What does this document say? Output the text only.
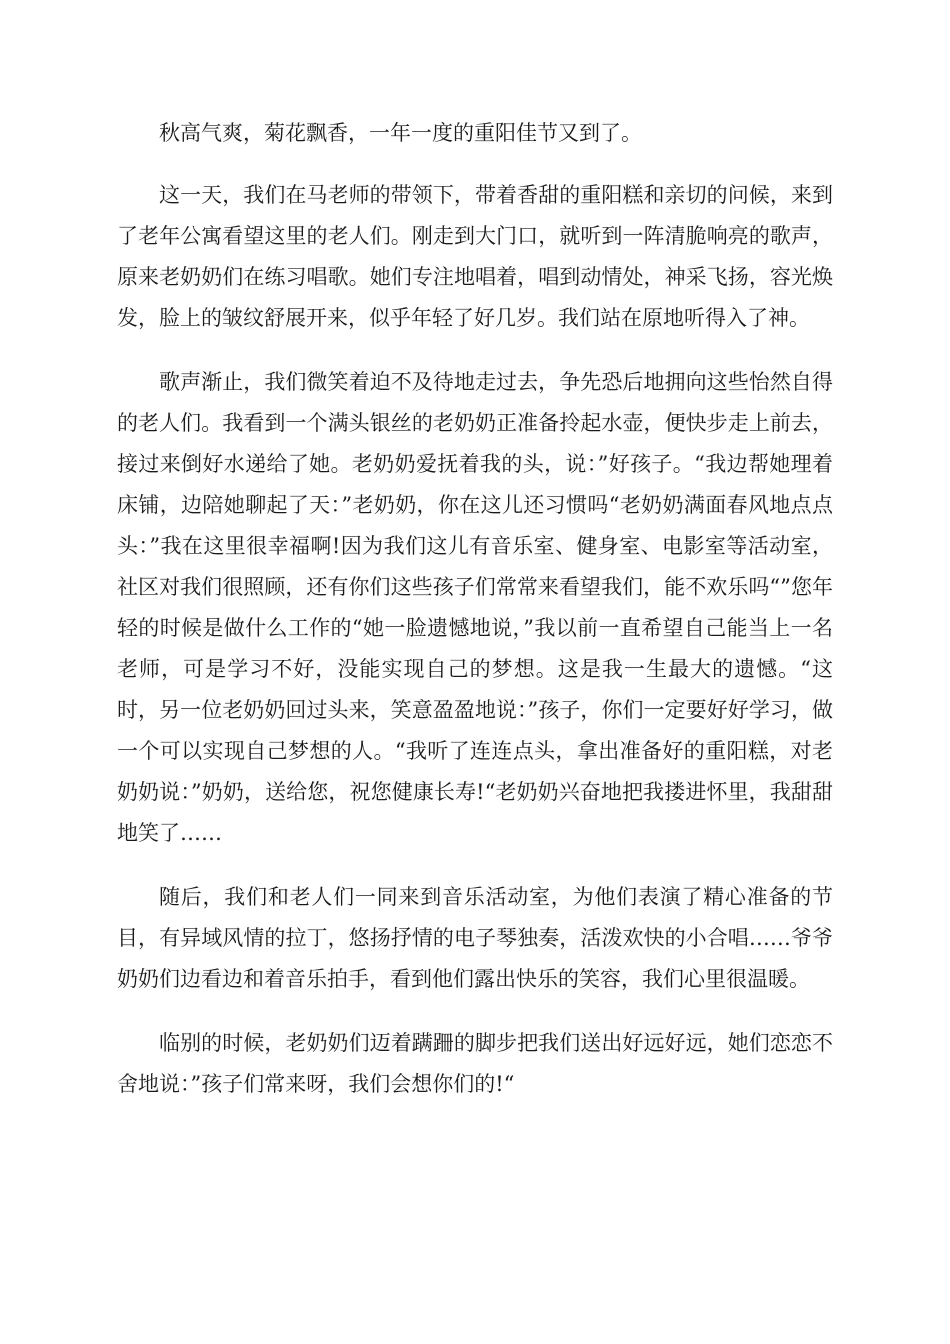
秋高气爽，菊花飘香，一年一度的重阳佳节又到了。

这一天，我们在马老师的带领下，带着香甜的重阳糕和亲切的问候，来到了老年公寓看望这里的老人们。刚走到大门口，就听到一阵清脆响亮的歌声，原来老奶奶们在练习唱歌。她们专注地唱着，唱到动情处，神采飞扬，容光焕发，脸上的皱纹舒展开来，似乎年轻了好几岁。我们站在原地听得入了神。

歌声渐止，我们微笑着迫不及待地走过去，争先恐后地拥向这些怡然自得的老人们。我看到一个满头银丝的老奶奶正准备拎起水壶，便快步走上前去，接过来倒好水递给了她。老奶奶爱抚着我的头，说：”好孩子。“我边帮她理着床铺，边陪她聊起了天：”老奶奶，你在这儿还习惯吗“老奶奶满面春风地点点头：”我在这里很幸福啊!因为我们这儿有音乐室、健身室、电影室等活动室，社区对我们很照顾，还有你们这些孩子们常常来看望我们，能不欢乐吗“”您年轻的时候是做什么工作的“她一脸遗憾地说，”我以前一直希望自己能当上一名老师，可是学习不好，没能实现自己的梦想。这是我一生最大的遗憾。“这时，另一位老奶奶回过头来，笑意盈盈地说：”孩子，你们一定要好好学习，做一个可以实现自己梦想的人。“我听了连连点头，拿出准备好的重阳糕，对老奶奶说：”奶奶，送给您，祝您健康长寿!“老奶奶兴奋地把我搂进怀里，我甜甜地笑了……

随后，我们和老人们一同来到音乐活动室，为他们表演了精心准备的节目，有异域风情的拉丁，悠扬抒情的电子琴独奏，活泼欢快的小合唱……爷爷奶奶们边看边和着音乐拍手，看到他们露出快乐的笑容，我们心里很温暖。

临别的时候，老奶奶们迈着蹒跚的脚步把我们送出好远好远，她们恋恋不舍地说：”孩子们常来呀，我们会想你们的!“
